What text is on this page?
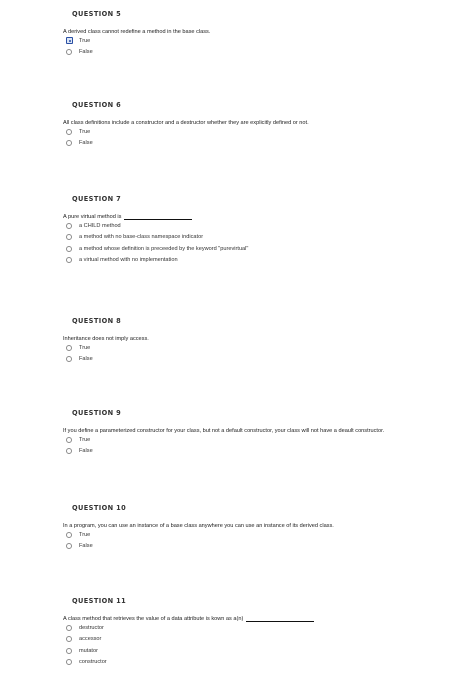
QUESTION 5
A derived class cannot redefine a method in the base class.
True
False
QUESTION 6
All class definitions include a constructor and a destructor whether they are explicitly defined or not.
True
False
QUESTION 7
A pure virtual method is
a CHILD method
a method with no base-class namespace indicator
a method whose definition is preceeded by the keyword "purevirtual"
a virtual method with no implementation
QUESTION 8
Inheritance does not imply access.
True
False
QUESTION 9
If you define a parameterized constructor for your class, but not a default constructor, your class will not have a deault constructor.
True
False
QUESTION 10
In a program, you can use an instance of a base class anywhere you can use an instance of its derived class.
True
False
QUESTION 11
A class method that retrieves the value of a data attribute is kown as a(n)
destructor
accessor
mutator
constructor
